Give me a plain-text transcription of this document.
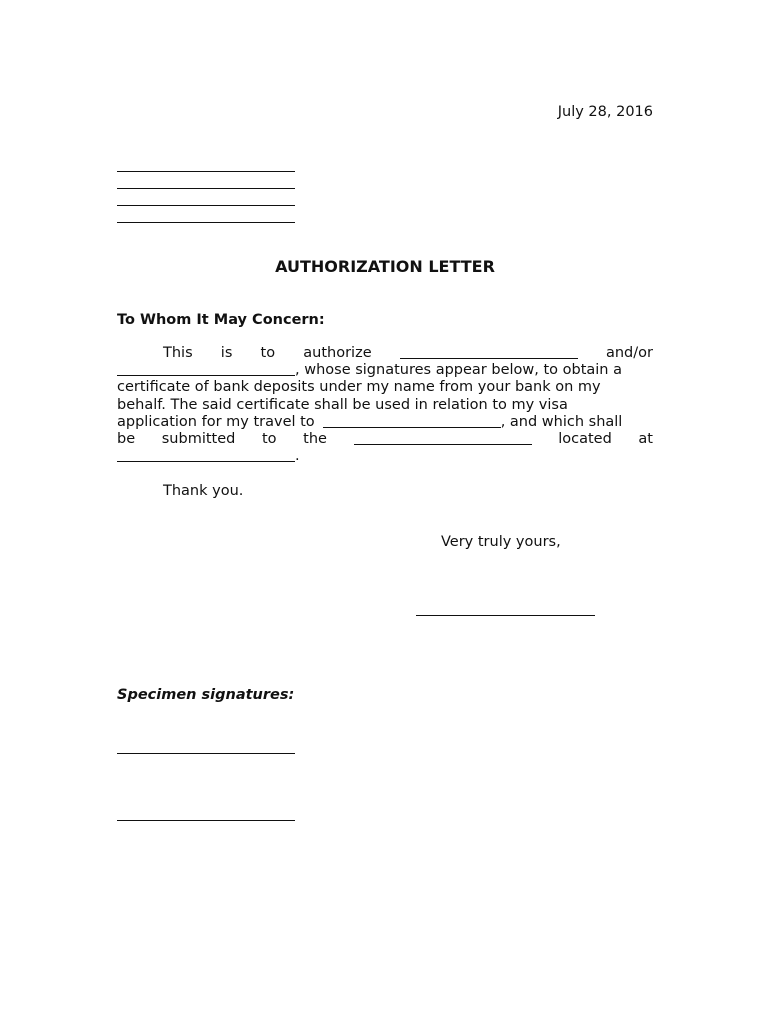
July 28, 2016
AUTHORIZATION LETTER
To Whom It May Concern:
This is to authorize	and/or
, whose signatures appear below, to obtain a
certificate of bank deposits under my name from your bank on my
behalf. The said certificate shall be used in relation to my visa
application for my travel to	, and which shall
be submitted to the	located at
.
Thank you.
Very truly yours,
Specimen signatures:
